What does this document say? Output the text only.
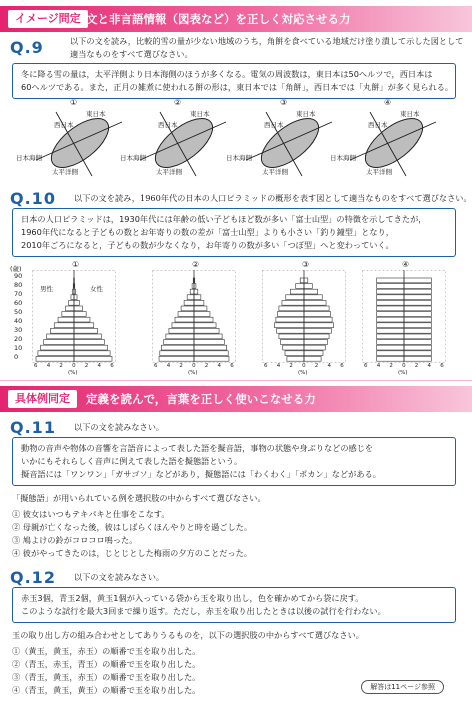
イメージ問定 文と非言語情報（図表など）を正しく対応させる力
Q.9	以下の文を読み，比較的雪の量が少ない地域のうち，角餅を食べている地域だけ塗り潰して示した図として
適当なものをすべて選びなさい。
冬に降る雪の量は，太平洋側より日本海側のほうが多くなる。電気の周波数は，東日本は50ヘルツで，西日本は
60ヘルツである。また，正月の雑煮に使われる餅の形は，東日本では「角餅」，西日本では「丸餅」が多く見られる。
①
東日本
西日本
日本海側
太平洋側
②
東日本
西日本
日本海側
太平洋側
③
東日本
西日本
日本海側
太平洋側
④
東日本
西日本
日本海側
太平洋側
Q.10 以下の文を読み，1960年代の日本の人口ピラミッドの概形を表す図として適当なものをすべて選びなさい。
日本の人口ピラミッドは，1930年代には年齢の低い子どもほど数が多い「富士山型」の特徴を示してきたが，
1960年代になると子どもの数とお年寄りの数の差が「富士山型」よりも小さい「釣り鐘型」となり，
2010年ごろになると，子どもの数が少なくなり，お年寄りの数が多い「つぼ型」へと変わっていく。
①
(歳)
90
80
70
60
50
40
30
20
10
0
男性	女性
6 4 2 0 2 4 6
(%)
②
6 4 2 0 2 4 6
(%)
③
6 4 2 0 2 4 6
(%)
④
6 4 2 0 2 4 6
(%)
具体例同定	定義を読んで，言葉を正しく使いこなせる力
Q.11 以下の文を読みなさい。
動物の音声や物体の音響を言語音によって表した語を擬音語，事物の状態や身ぶりなどの感じを
いかにもそれらしく音声に例えて表した語を擬態語という。
擬音語には「ワンワン」「ガサゴソ」などがあり，擬態語には「わくわく」「ポカン」などがある。
「擬態語」が用いられている例を選択肢の中からすべて選びなさい。
① 彼女はいつもテキパキと仕事をこなす。
② 母親が亡くなった後，彼はしばらくほんやりと時を過ごした。
③ 鳩よけの鈴がコロコロ鳴った。
④ 彼がやってきたのは，じとじとした梅雨の夕方のことだった。
Q.12 以下の文を読みなさい。
赤玉3個，青玉2個，黄玉1個が入っている袋から玉を取り出し，色を確かめてから袋に戻す。
このような試行を最大3回まで繰り返す。ただし，赤玉を取り出したときは以後の試行を行わない。
玉の取り出し方の組み合わせとしてありうるものを，以下の選択肢の中からすべて選びなさい。
①（黄玉，黄玉，赤玉）の順番で玉を取り出した。
②（青玉，赤玉，青玉）の順番で玉を取り出した。
③（青玉，黄玉，赤玉）の順番で玉を取り出した。
④（青玉，黄玉，黄玉）の順番で玉を取り出した。	解答は11ページ参照
